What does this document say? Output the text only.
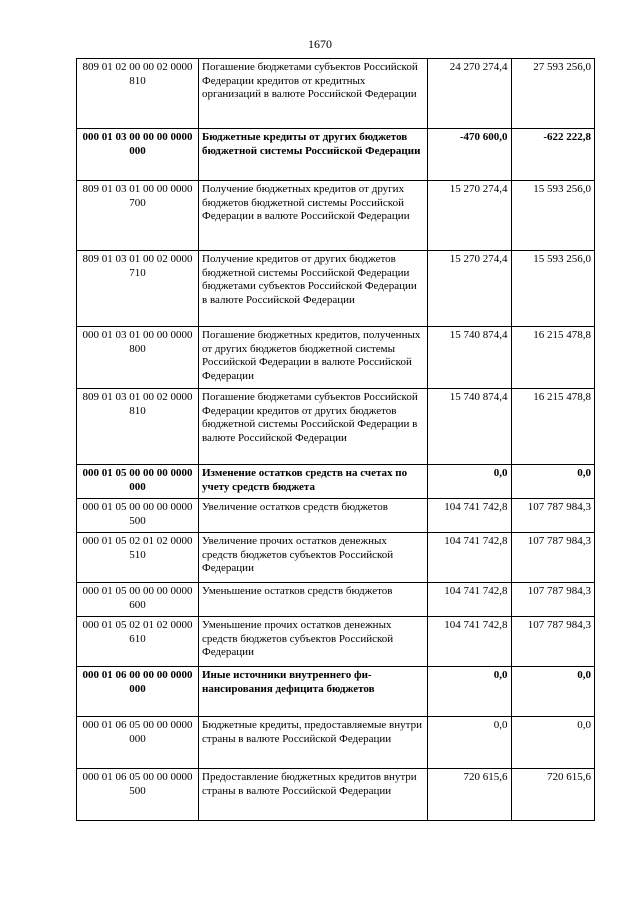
1670
809 01 02 00 00 02 0000 810	Погашение бюджетами субъектов Российской Федерации кредитов от кредитных организаций в валюте Российской Федерации	24 270 274,4	27 593 256,0
000 01 03 00 00 00 0000 000	Бюджетные кредиты от других бюджетов бюджетной системы Российской Федерации	-470 600,0	-622 222,8
809 01 03 01 00 00 0000 700	Получение бюджетных кредитов от других бюджетов бюджетной системы Российской Федерации в валюте Российской Федерации	15 270 274,4	15 593 256,0
809 01 03 01 00 02 0000 710	Получение кредитов от других бюджетов бюджетной системы Российской Федерации бюджетами субъектов Российской Федерации в валюте Российской Федерации	15 270 274,4	15 593 256,0
000 01 03 01 00 00 0000 800	Погашение бюджетных кредитов, полученных от других бюджетов бюджетной системы Российской Федерации в валюте Российской Федерации	15 740 874,4	16 215 478,8
809 01 03 01 00 02 0000 810	Погашение бюджетами субъектов Российской Федерации кредитов от других бюджетов бюджетной системы Российской Федерации в валюте Российской Федерации	15 740 874,4	16 215 478,8
000 01 05 00 00 00 0000 000	Изменение остатков средств на счетах по учету средств бюджета	0,0	0,0
000 01 05 00 00 00 0000 500	Увеличение остатков средств бюджетов	104 741 742,8	107 787 984,3
000 01 05 02 01 02 0000 510	Увеличение прочих остатков денежных средств бюджетов субъектов Российской Федерации	104 741 742,8	107 787 984,3
000 01 05 00 00 00 0000 600	Уменьшение остатков средств бюджетов	104 741 742,8	107 787 984,3
000 01 05 02 01 02 0000 610	Уменьшение прочих остатков денежных средств бюджетов субъектов Российской Федерации	104 741 742,8	107 787 984,3
000 01 06 00 00 00 0000 000	Иные источники внутреннего финансирования дефицита бюджетов	0,0	0,0
000 01 06 05 00 00 0000 000	Бюджетные кредиты, предоставляемые внутри страны в валюте Российской Федерации	0,0	0,0
000 01 06 05 00 00 0000 500	Предоставление бюджетных кредитов внутри страны в валюте Российской Федерации	720 615,6	720 615,6
